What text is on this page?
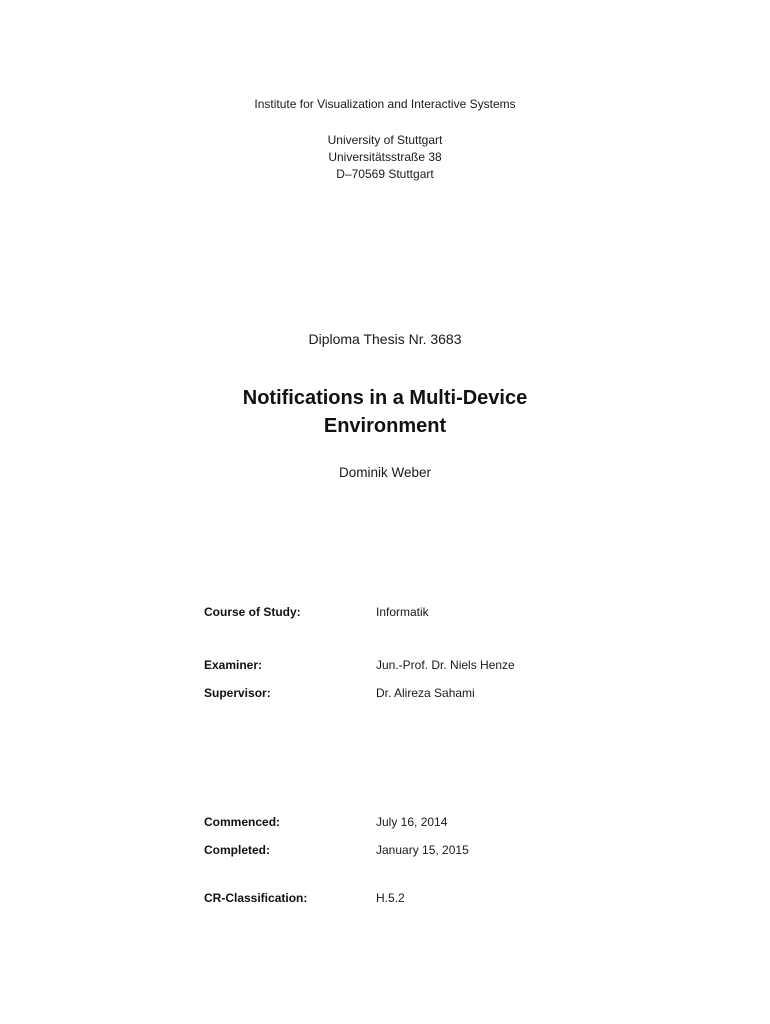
Institute for Visualization and Interactive Systems
University of Stuttgart
Universitätsstraße 38
D–70569 Stuttgart
Diploma Thesis Nr. 3683
Notifications in a Multi-Device
Environment
Dominik Weber
Course of Study:	Informatik
Examiner:	Jun.-Prof. Dr. Niels Henze
Supervisor:	Dr. Alireza Sahami
Commenced:	July 16, 2014
Completed:	January 15, 2015
CR-Classification:	H.5.2
